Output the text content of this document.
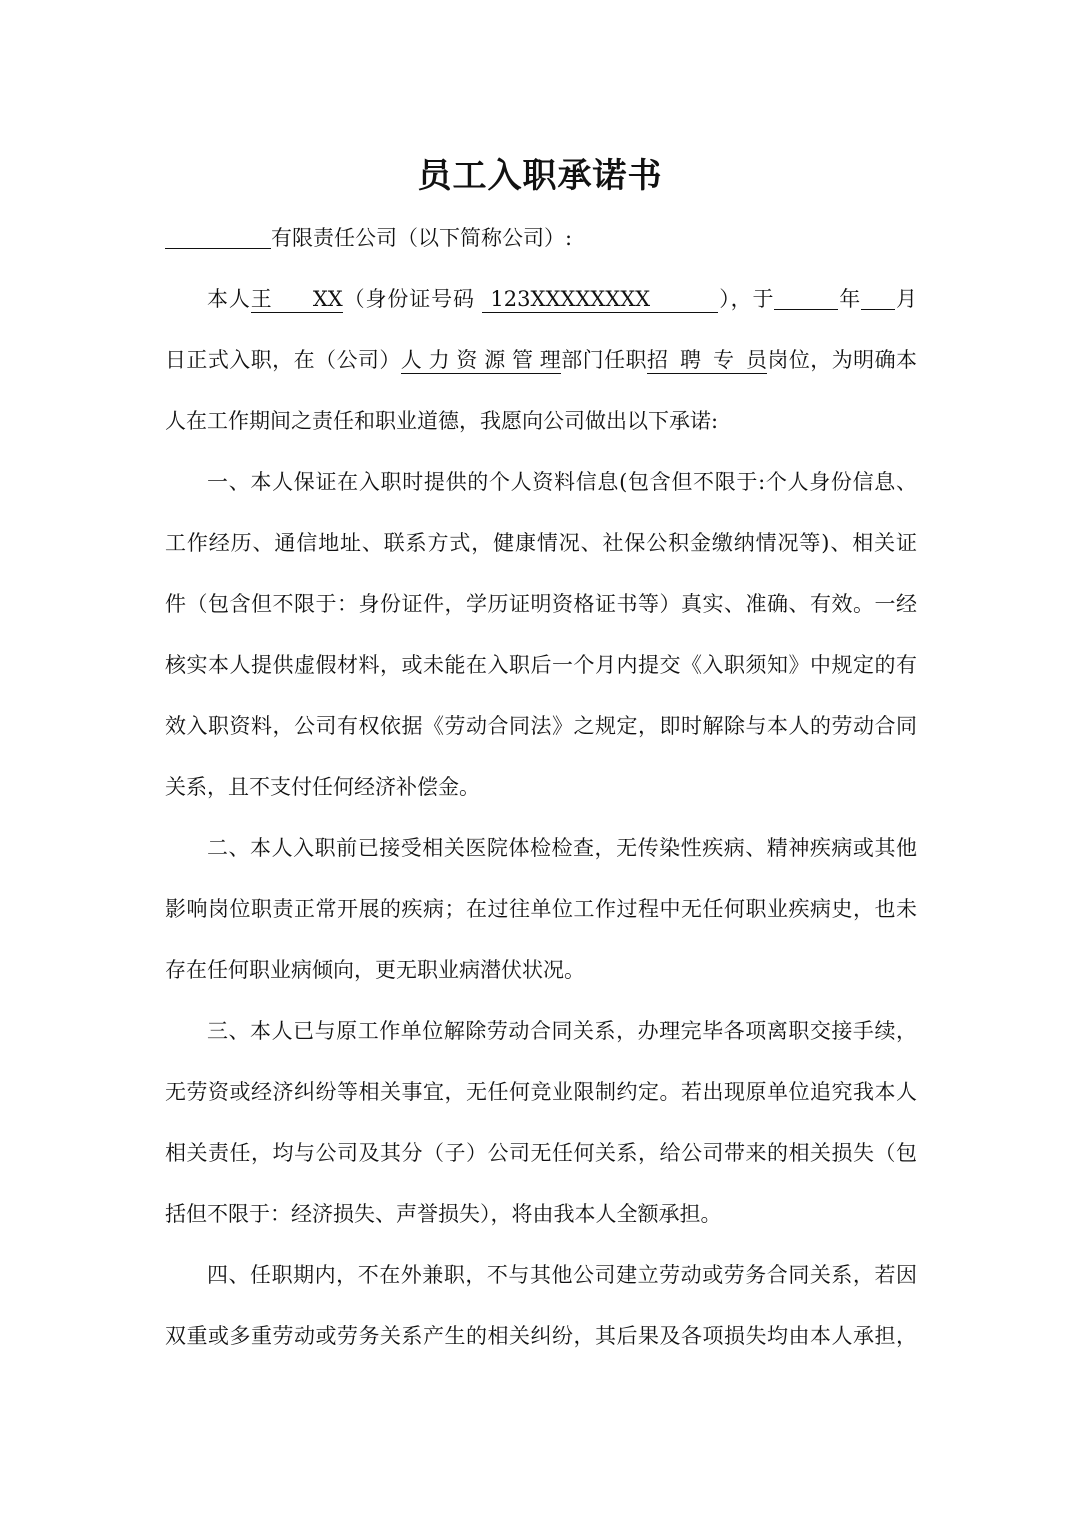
员工入职承诺书
有限责任公司（以下简称公司）:
本人王 XX（身份证号码 123XXXXXXXX	），于	年 月
日正式入职，在（公司）人力资源管理部门任职招聘专员岗位，为明确本
人在工作期间之责任和职业道德，我愿向公司做出以下承诺:
一、本人保证在入职时提供的个人资料信息(包含但不限于:个人身份信息、
工作经历、通信地址、联系方式，健康情况、社保公积金缴纳情况等)、相关证
件（包含但不限于：身份证件，学历证明资格证书等）真实、准确、有效。一经
核实本人提供虚假材料，或未能在入职后一个月内提交《入职须知》中规定的有
效入职资料，公司有权依据《劳动合同法》之规定，即时解除与本人的劳动合同
关系，且不支付任何经济补偿金。
二、本人入职前已接受相关医院体检检查，无传染性疾病、精神疾病或其他
影响岗位职责正常开展的疾病；在过往单位工作过程中无任何职业疾病史，也未
存在任何职业病倾向，更无职业病潜伏状况。
三、本人已与原工作单位解除劳动合同关系，办理完毕各项离职交接手续，
无劳资或经济纠纷等相关事宜，无任何竞业限制约定。若出现原单位追究我本人
相关责任，均与公司及其分（子）公司无任何关系，给公司带来的相关损失（包
括但不限于：经济损失、声誉损失），将由我本人全额承担。
四、任职期内，不在外兼职，不与其他公司建立劳动或劳务合同关系，若因
双重或多重劳动或劳务关系产生的相关纠纷，其后果及各项损失均由本人承担，
